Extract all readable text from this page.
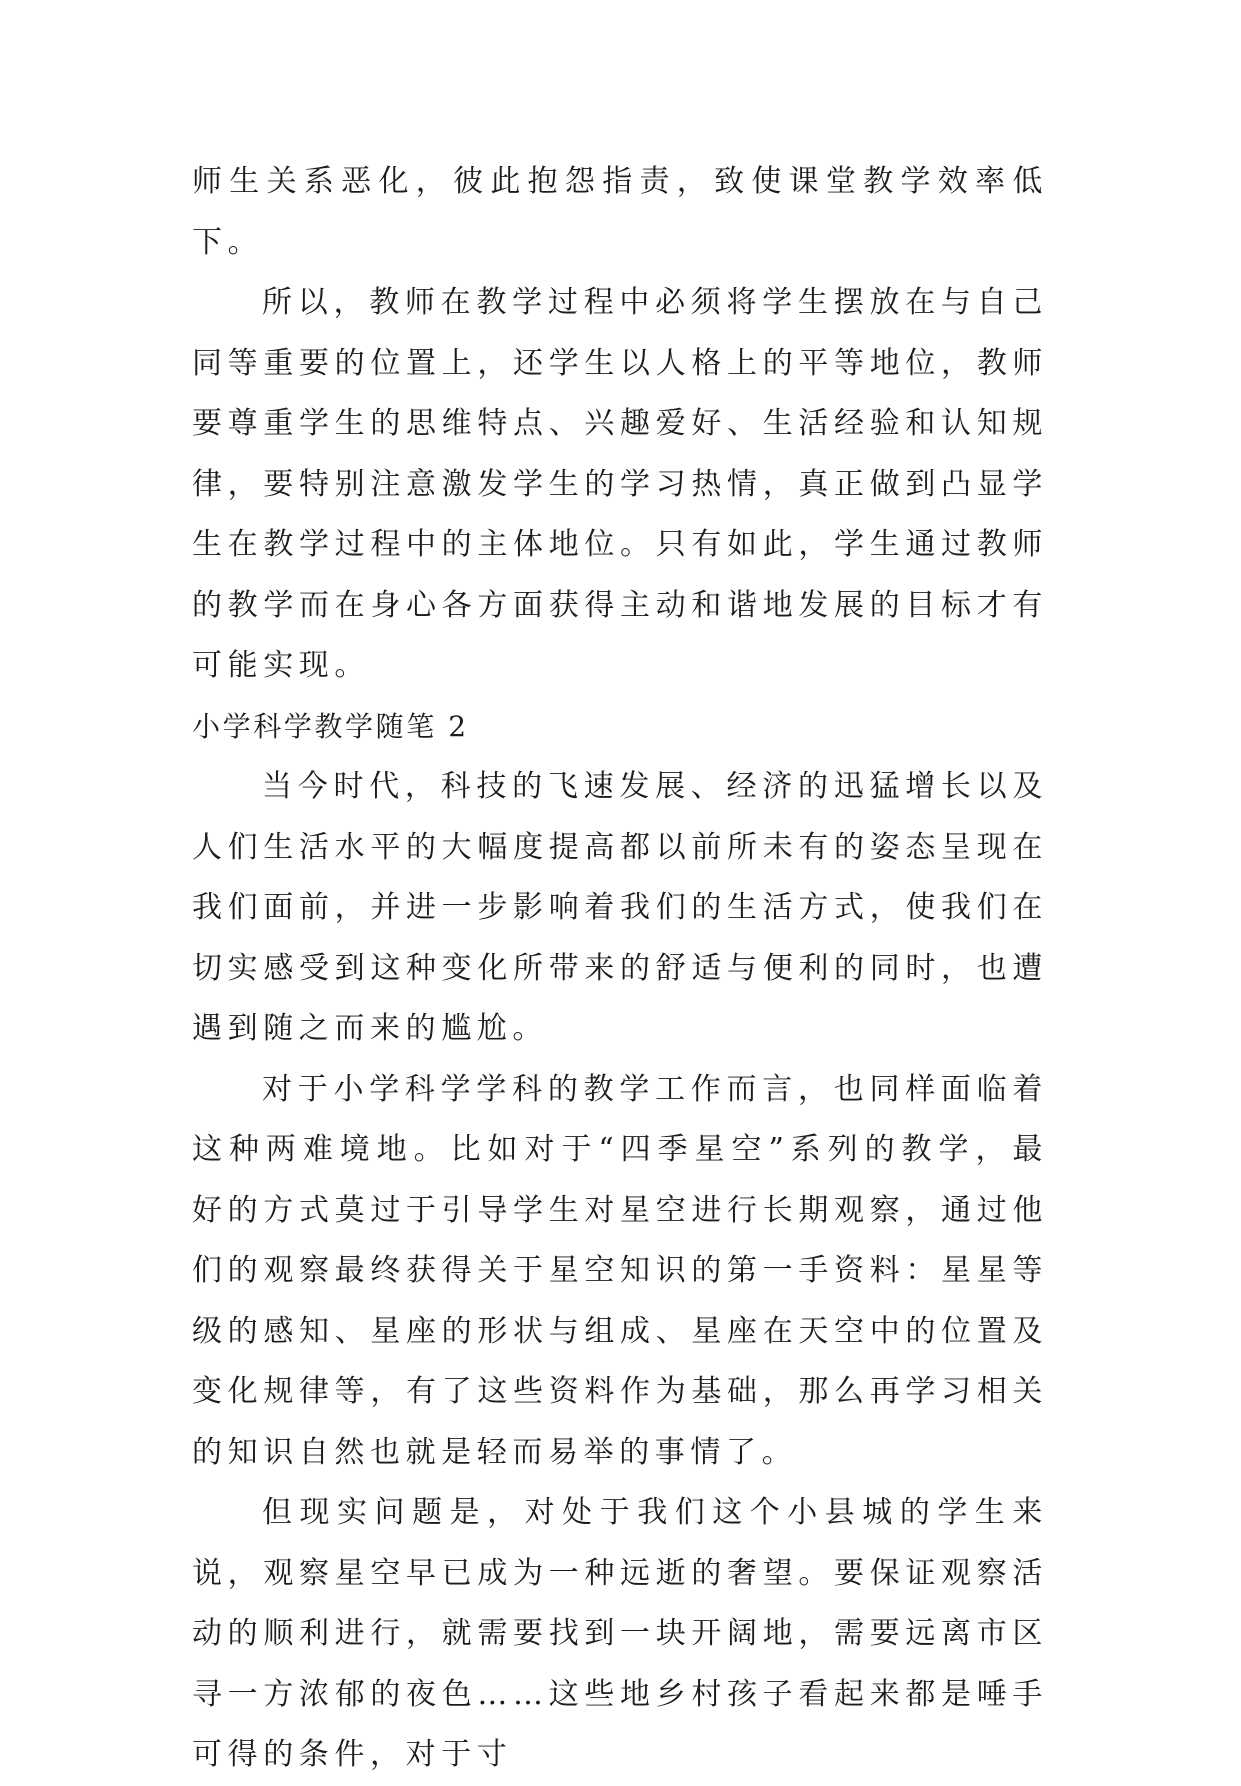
师生关系恶化，彼此抱怨指责，致使课堂教学效率低下。

所以，教师在教学过程中必须将学生摆放在与自己同等重要的位置上，还学生以人格上的平等地位，教师要尊重学生的思维特点、兴趣爱好、生活经验和认知规律，要特别注意激发学生的学习热情，真正做到凸显学生在教学过程中的主体地位。只有如此，学生通过教师的教学而在身心各方面获得主动和谐地发展的目标才有可能实现。

小学科学教学随笔 2

当今时代，科技的飞速发展、经济的迅猛增长以及人们生活水平的大幅度提高都以前所未有的姿态呈现在我们面前，并进一步影响着我们的生活方式，使我们在切实感受到这种变化所带来的舒适与便利的同时，也遭遇到随之而来的尴尬。

对于小学科学学科的教学工作而言，也同样面临着这种两难境地。比如对于“四季星空”系列的教学，最好的方式莫过于引导学生对星空进行长期观察，通过他们的观察最终获得关于星空知识的第一手资料：星星等级的感知、星座的形状与组成、星座在天空中的位置及变化规律等，有了这些资料作为基础，那么再学习相关的知识自然也就是轻而易举的事情了。

但现实问题是，对处于我们这个小县城的学生来说，观察星空早已成为一种远逝的奢望。要保证观察活动的顺利进行，就需要找到一块开阔地，需要远离市区寻一方浓郁的夜色……这些地乡村孩子看起来都是唾手可得的条件，对于寸
